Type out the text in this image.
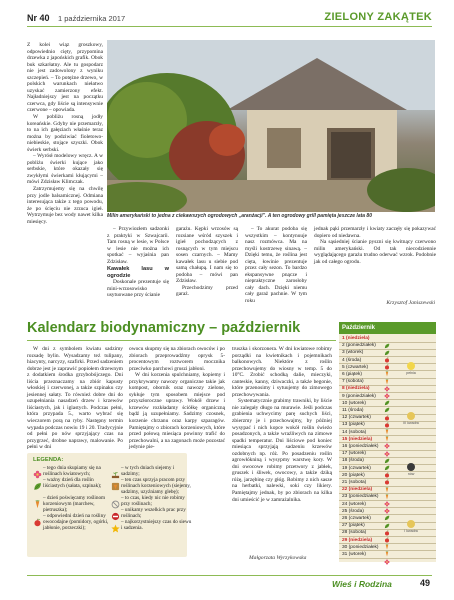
Nr 40 1 października 2017	ZIELONY ZAKĄTEK

Z kolei wiąz groszkowy, odpowiednio cięty, przypomina drzewka z japońskich grafik. Obok buk szkarłatny. Ale tu gospodarz nie jest zadowolony z wyniku szczepień. – To potężne drzewo, w polskich warunkach niełatwo uzyskać zamierzony efekt. Najładniejszy jest na początku czerwca, gdy liście są intensywnie czerwone – opowiada.

W pobliżu rosną jodły koreańskie. Gdyby nie przemarzły, to na ich gałęziach właśnie teraz można by podziwiać fioletowo-niebieskie, stojące szyszki. Obok świerk serbski.

– Wyrósł modelowy wręcz. A w pobliżu świerki kujące jako serbskie, które okazały się zwykłymi świerkami kłującymi – mówi Zdzisław Klimczak.

Zatrzymujemy się na chwilę przy jodle balsamicznej. Odmiana interesująca także z tego powodu, że po ścięciu nie zrzuca igieł. Wytrzymuje bez wody nawet kilka miesięcy.

Milin amerykański to jedna z ciekawszych ogrodowych „aranżacji”. A ten ogrodowy grill pamięta jeszcze lata 80

– Przywiozłem sadzonki z praktyki w Szwajcarii. Tam rosną w lesie, w Polsce w lesie nie można ich spotkać – wyjaśnia pan Zdzisław.

Kawałek lasu w ogrodzie

Doskonale prezentuje się mini-wrzosowisko usytuowane przy ścianie

garażu. Kępki wrzosów są rozsiane wśród szyszek i igieł pochodzących z rosnących w tym miejscu sosen czarnych. – Mamy kawałek lasu u siebie pod samą chałupą. I nam się to podoba – mówi pan Zdzisław.

Przechodzimy przed garaż.

– To akurat podoba się wszystkim – kontynuuje nasz rozmówca. Ma na myśli kostrzewę sinawą. – Dzięki temu, że roślina jest cięta, łowinie prezentuje przez cały sezon. To bardzo ekspansywne pnącze i niepraktyczne zarosłoby cały dach. Dzięki niemu cały garaż pachnie. W tym roku

jednak pąki przemarzły i kwiaty zaczęły się pokazywać dopiero od niedawna.

Na sąsiedniej ścianie pyszni się kwitnący czerwono milin amerykański. Od tak niecodziennie wyglądającego garażu trudno oderwać wzrok. Podobnie jak od całego ogrodu.

Krzysztof Janiszewski
Kalendarz biodynamiczny – październik

W dni z symbolem kwiatu sadzimy rozsadę bylin. Wysadzamy też tulipany, hiacynty, narcyzy, szafirki. Przed sadzeniem dobrze jest je zaprawić popiołem drzewnym z dodatkiem środka grzybobójczego. Dni liścia przeznaczamy na zbiór kapusty włoskiej i czerwonej, a także szpinaku czy jesiennej sałaty. To również dobre dni do uzupełniania nasadzeń drzew i krzewów liściastych, jak i iglastych. Podczas pełni, która przypada 5., warto wybrać się wieczorem porą na ryby. Następny termin wypada podczas nowiu 19 i 20. Tradycyjnie od pełni po nów sprzyjający czas na przygrzeć, drobne naprawy, malowanie. Po pełni w dni

owocu skupmy się na zbiorach owoców i po zbiorach przeprowadźmy oprysk 5-procentowym roztworem mocznika przeciwko parchowi gruszi jabłoni.

W dni korzenia spulchniamy, kopiemy i przykrywamy nawozy organiczne takie jak kompost, obornik oraz nawozy zielone, sykłuje tym sposobem miejsce pod przyszłoroczne uprawy. Wokół drzew i krzewów rozkładamy ściółkę organiczną bądź ją uzupełniamy. Sadzimy czosnek, korzenie chrzanu oraz karpy szparagów. Pamiętajmy o zbiorach korzeniowych, które przed połową miesiąca powinny trafić do przechowalni, a na zagonach może pozostać jedynie pie-

truszka i skorzonera. W dni kwiatowe robimy porządki na kwietnikach i pojemnikach balkonowych. Niektóre z roślin przechowujemy do wiosny w temp. 5 do 10°C. Zrobić schodką dalie, mieczyki, canteskie, kanny, dziwaczki, a także begonie, które przenosimy i sytuujemy do zimowego przechowywania.

Systematycznie grabimy trawniki, by liście nie zalegały długo na murawie. Jeśli podczas grabienia uchwycimy parę suchych liści, zbierzmy je i przechowajmy, by później wysypać i nich kopce wokół roślin świeżo posadzonych, a także wrażliwych na zimowe spadki temperatur. Dni liściowe pod koniec miesiąca sprzyjają sadzeniu krzewów ozdobnych np. róż. Po posadzeniu roślin agrowłókniną i wysypmy warstwę kory. W dni owocowe robimy przetwory z jabłek, gruszek i śliwek, owocowy, a także dziką różę, jarzębinę czy głóg. Robimy z nich sasze na herbatki, nalewki, soki czy likiery. Pamiętajmy jednak, by po zbiorach na kilka dni umieścić je w zamrażalnika.

Małgorzata Wyrzykowska
LEGENDA:
– tego dnia skupiamy się na roślinach kwiatowych;
– ważny dzień dla roślin liściastych (sałata, szpinak);
– dzień poświęcamy roślinom korzeniowym (marchew, pietruszka);
– odpowiedni dzień na rośliny owocodajne (pomidory, ogórki, jabłonie, porzeczki);
– w tych dniach siejemy i sadzimy;
– ten czas sprzyja pracom przy roślinach korzeniowych (siejemy, sadzimy, uzyźniamy glebę);
– to czas, kiedy nic nie robimy przy roślinach;
– unikamy wszelkich prac przy roślinach;
– najkorzystniejszy czas do siewu i sadzenia.
Październik
1 (niedziela)
2 (poniedziałek)
3 (wtorek)
4 (środa)
5 (czwartek)
6 (piątek)
7 (sobota)
8 (niedziela)
9 (poniedziałek)
10 (wtorek)
11 (środa)
12 (czwartek)
13 (piątek)
14 (sobota)
15 (niedziela)
16 (poniedziałek)
17 (wtorek)
18 (środa)
19 (czwartek)
20 (piątek)
21 (sobota)
22 (niedziela)
23 (poniedziałek)
24 (wtorek)
25 (środa)
26 (czwartek)
27 (piątek)
28 (sobota)
29 (niedziela)
30 (poniedziałek)
31 (wtorek)
pełnia
III kwadra
nów
I kwadra
Wieś i Rodzina	49
